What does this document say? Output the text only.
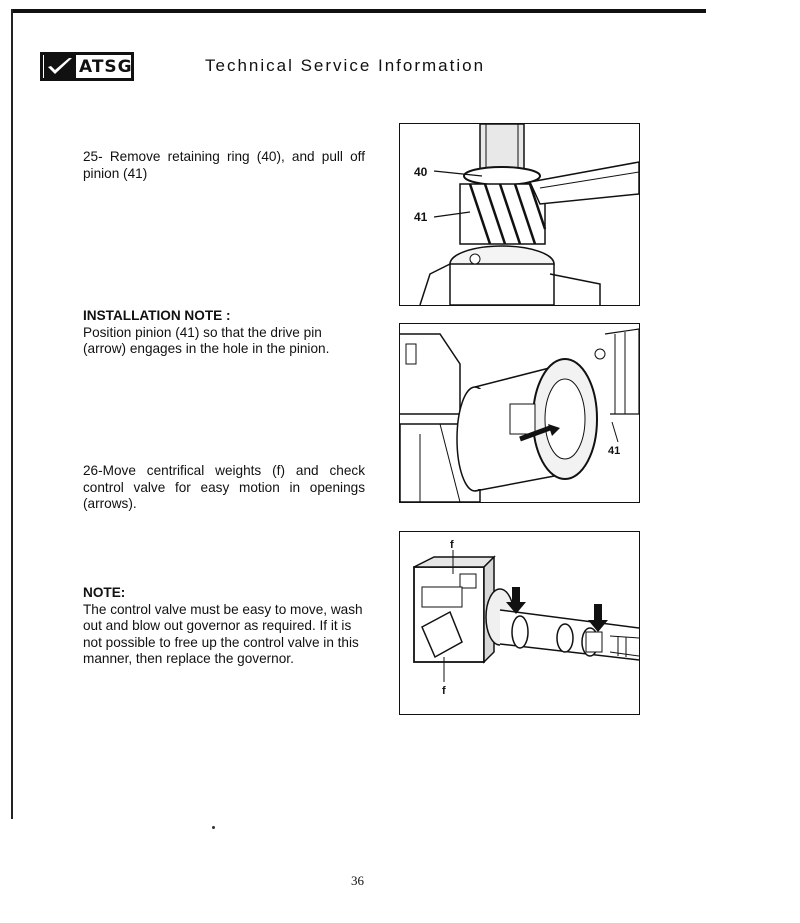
ATSG	Technical Service Information
25- Remove retaining ring (40), and pull off pinion (41)
INSTALLATION NOTE :
Position pinion (41) so that the drive pin (arrow) engages in the hole in the pinion.
26-Move centrifical weights (f) and check control valve for easy motion in openings (arrows).
NOTE:
The control valve must be easy to move, wash out and blow out governor as required. If it is not possible to free up the control valve in this manner, then replace the governor.
40
41
41
f
f
36
